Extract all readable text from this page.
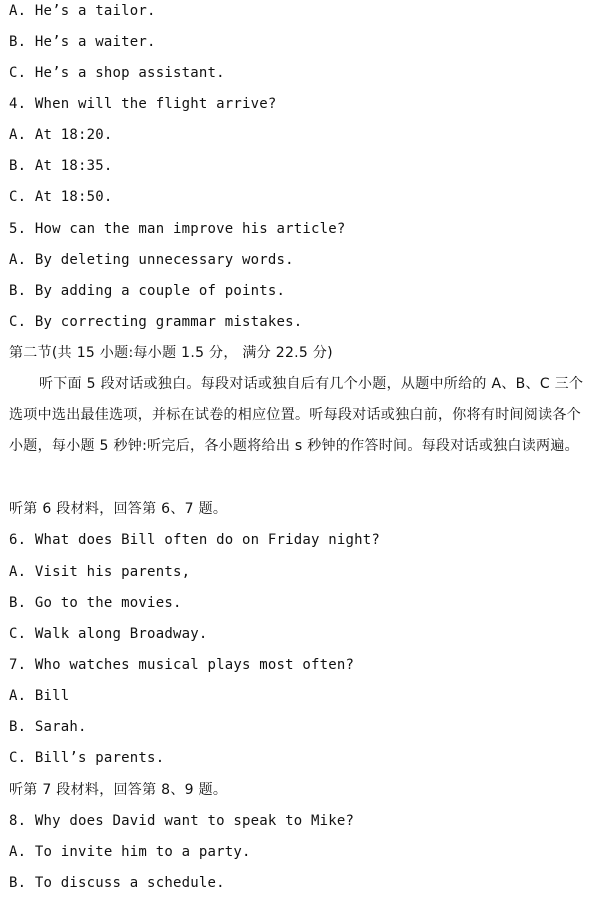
A. He’s a tailor.
B. He’s a waiter.
C. He’s a shop assistant.
4. When will the flight arrive?
A. At 18:20.
B. At 18:35.
C. At 18:50.
5. How can the man improve his article?
A. By deleting unnecessary words.
B. By adding a couple of points.
C. By correcting grammar mistakes.
第二节(共 15 小题:每小题 1.5 分， 满分 22.5 分)
听下面 5 段对话或独白。每段对话或独自后有几个小题，从题中所给的 A、B、C 三个选项中选出最佳选项，并标在试卷的相应位置。听每段对话或独白前，你将有时间阅读各个小题，每小题 5 秒钟:听完后，各小题将给出 s 秒钟的作答时间。每段对话或独白读两遍。
听第 6 段材料，回答第 6、7 题。
6. What does Bill often do on Friday night?
A. Visit his parents,
B. Go to the movies.
C. Walk along Broadway.
7. Who watches musical plays most often?
A. Bill
B. Sarah.
C. Bill’s parents.
听第 7 段材料，回答第 8、9 题。
8. Why does David want to speak to Mike?
A. To invite him to a party.
B. To discuss a schedule.
